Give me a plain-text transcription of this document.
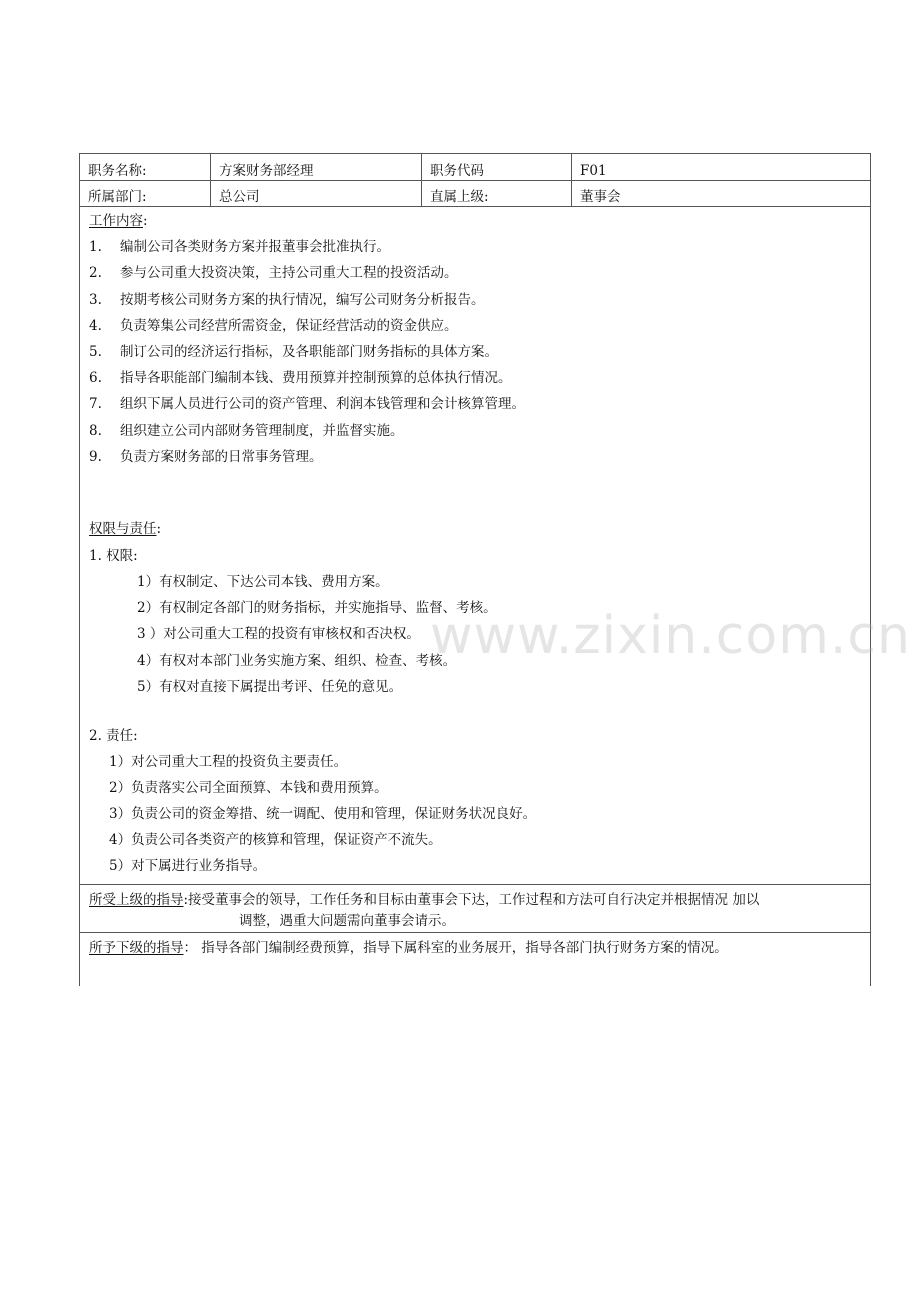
职务名称:	方案财务部经理	职务代码	F01
所属部门:	总公司	直属上级:	董事会
工作内容:
1. 编制公司各类财务方案并报董事会批准执行。
2. 参与公司重大投资决策，主持公司重大工程的投资活动。
3. 按期考核公司财务方案的执行情况，编写公司财务分析报告。
4. 负责筹集公司经营所需资金，保证经营活动的资金供应。
5. 制订公司的经济运行指标，及各职能部门财务指标的具体方案。
6. 指导各职能部门编制本钱、费用预算并控制预算的总体执行情况。
7. 组织下属人员进行公司的资产管理、利润本钱管理和会计核算管理。
8. 组织建立公司内部财务管理制度，并监督实施。
9. 负责方案财务部的日常事务管理。
权限与责任:
1. 权限:
1）有权制定、下达公司本钱、费用方案。
2）有权制定各部门的财务指标，并实施指导、监督、考核。
3 ）对公司重大工程的投资有审核权和否决权。
4）有权对本部门业务实施方案、组织、检查、考核。
5）有权对直接下属提出考评、任免的意见。
2. 责任:
1）对公司重大工程的投资负主要责任。
2）负责落实公司全面预算、本钱和费用预算。
3）负责公司的资金筹措、统一调配、使用和管理，保证财务状况良好。
4）负责公司各类资产的核算和管理，保证资产不流失。
5）对下属进行业务指导。
所受上级的指导:接受董事会的领导，工作任务和目标由董事会下达，工作过程和方法可自行决定并根据情况 加以
调整，遇重大问题需向董事会请示。
所予下级的指导： 指导各部门编制经费预算，指导下属科室的业务展开，指导各部门执行财务方案的情况。
www.zixin.com.cn
